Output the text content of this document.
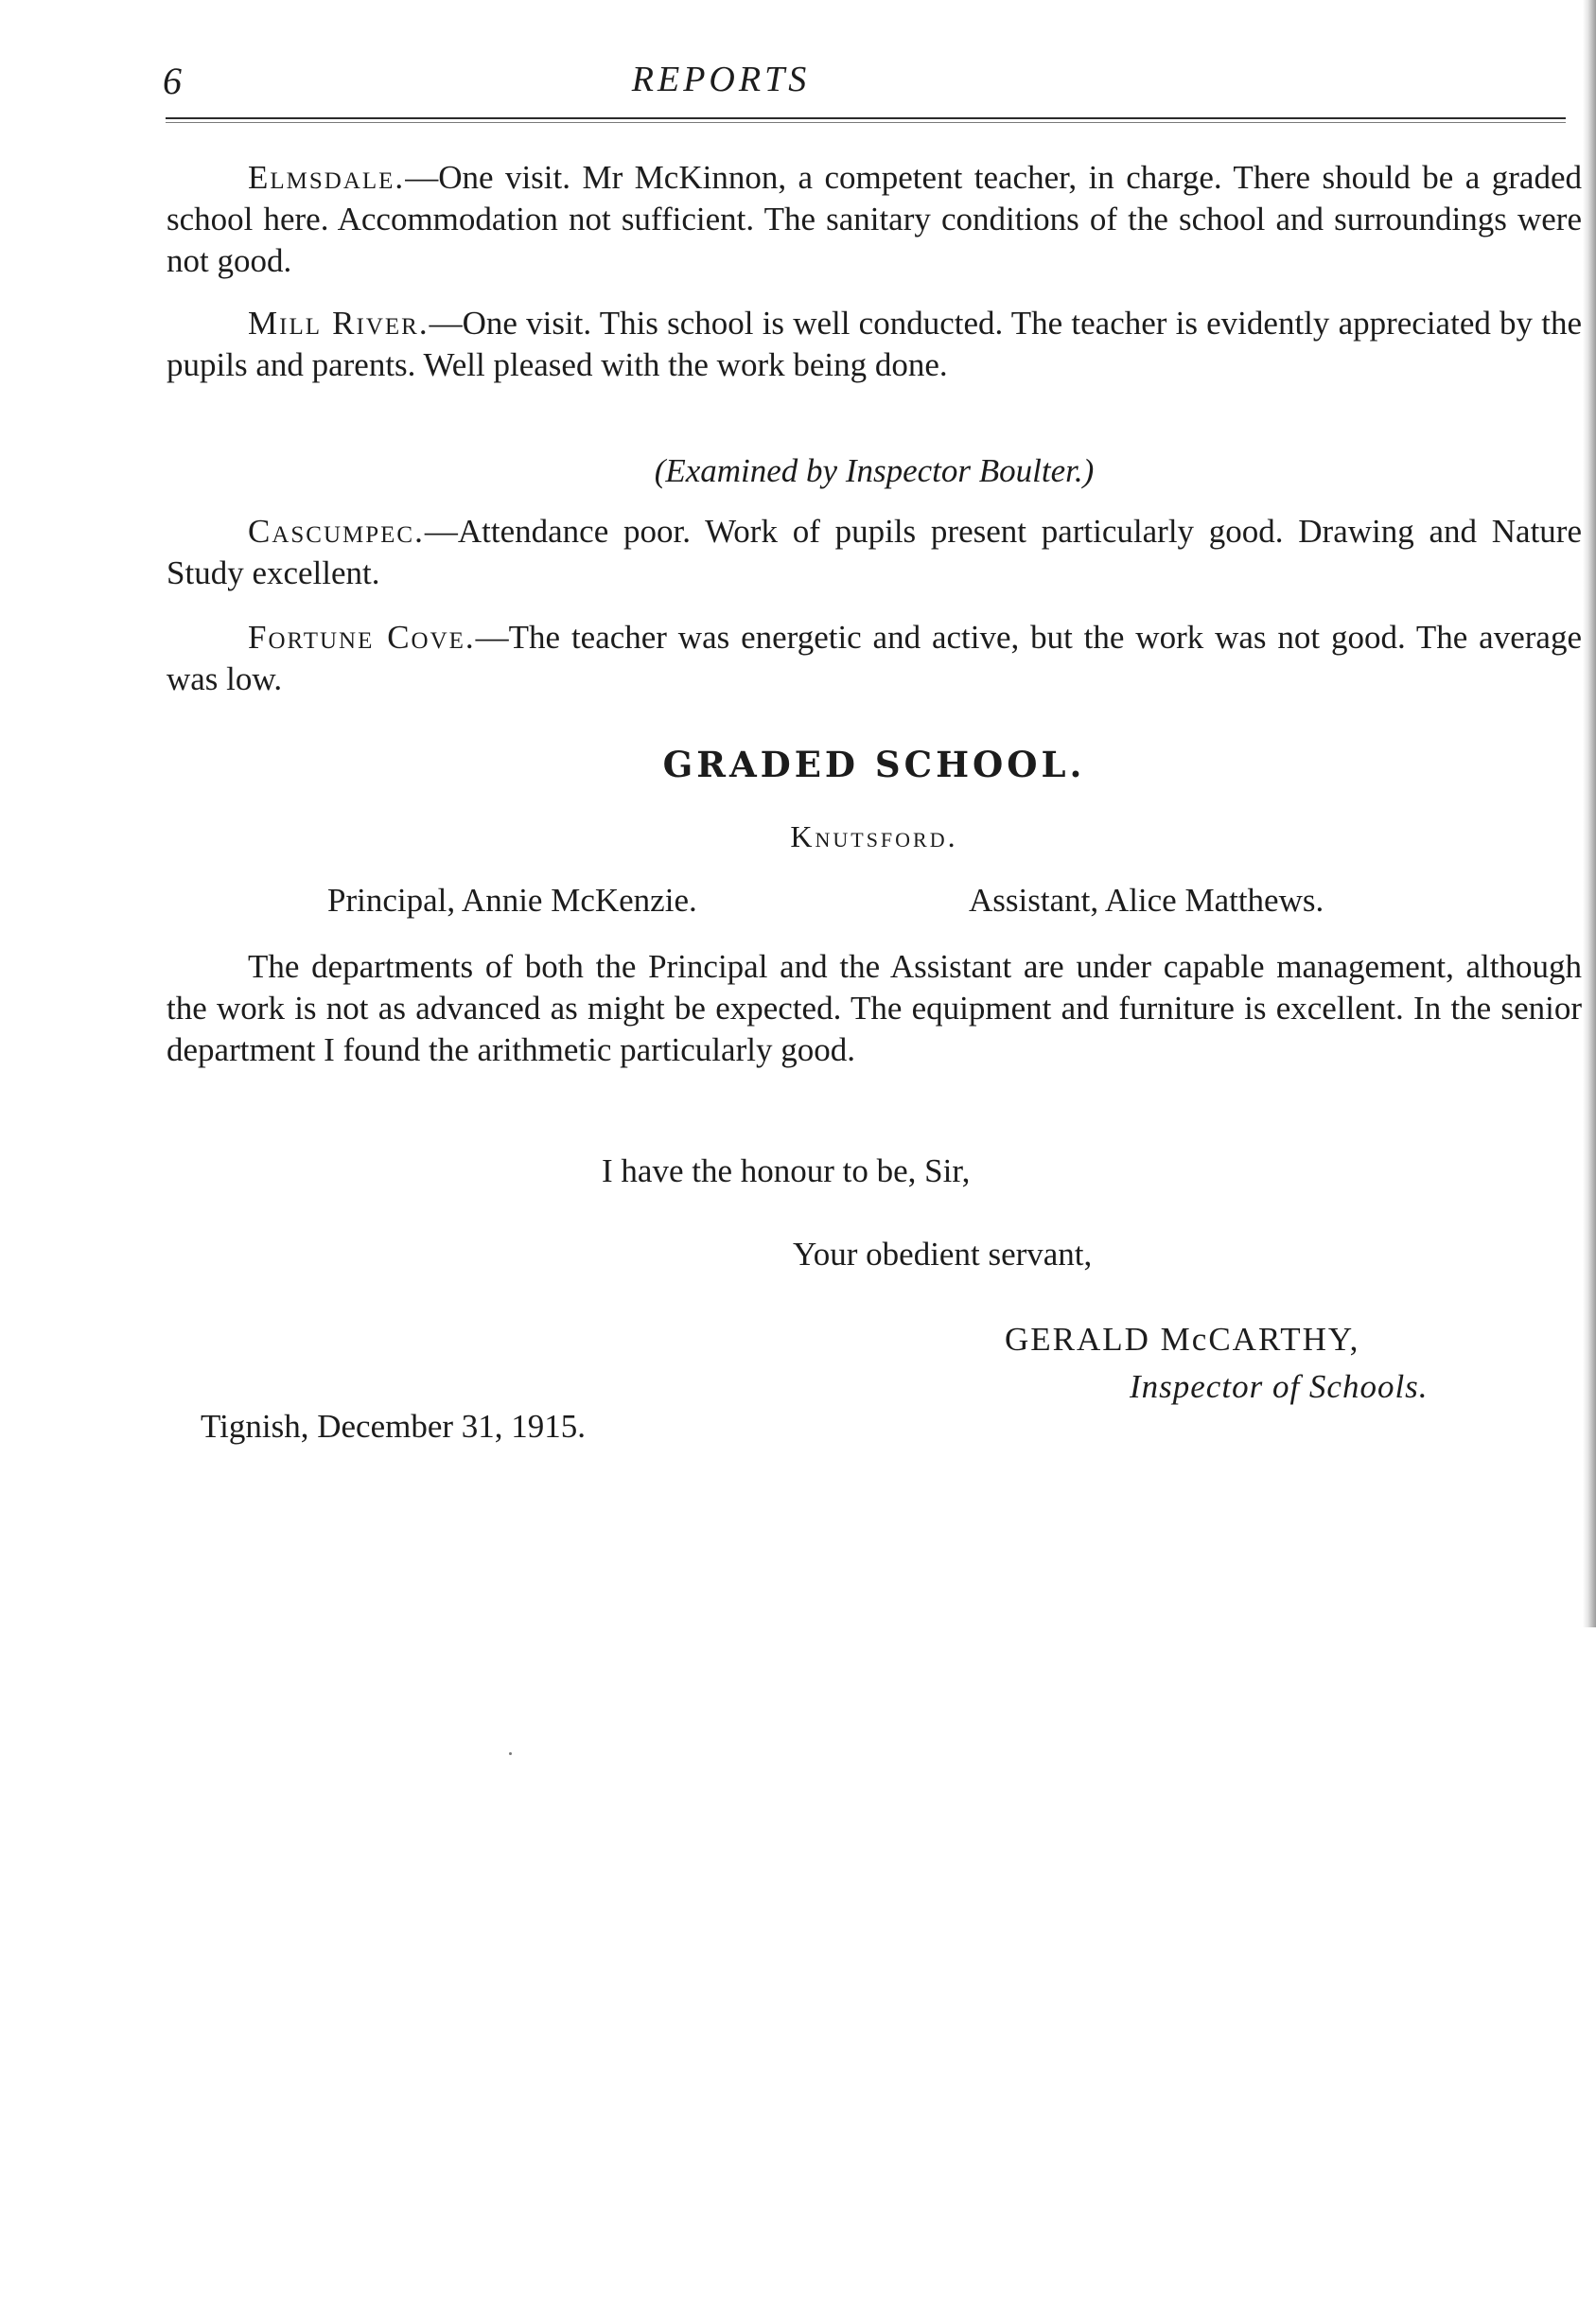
6	REPORTS

Elmsdale.—One visit. Mr McKinnon, a competent teacher, in charge. There should be a graded school here. Accommodation not sufficient. The sanitary conditions of the school and surroundings were not good.

Mill River.—One visit. This school is well conducted. The teacher is evidently appreciated by the pupils and parents. Well pleased with the work being done.

(Examined by Inspector Boulter.)

Cascumpec.—Attendance poor. Work of pupils present particularly good. Drawing and Nature Study excellent.

Fortune Cove.—The teacher was energetic and active, but the work was not good. The average was low.

GRADED SCHOOL.
Knutsford.
Principal, Annie McKenzie.	Assistant, Alice Matthews.

The departments of both the Principal and the Assistant are under capable management, although the work is not as advanced as might be expected. The equipment and furniture is excellent. In the senior department I found the arithmetic particularly good.

I have the honour to be, Sir,
Your obedient servant,
GERALD McCARTHY,
Inspector of Schools.
Tignish, December 31, 1915.
